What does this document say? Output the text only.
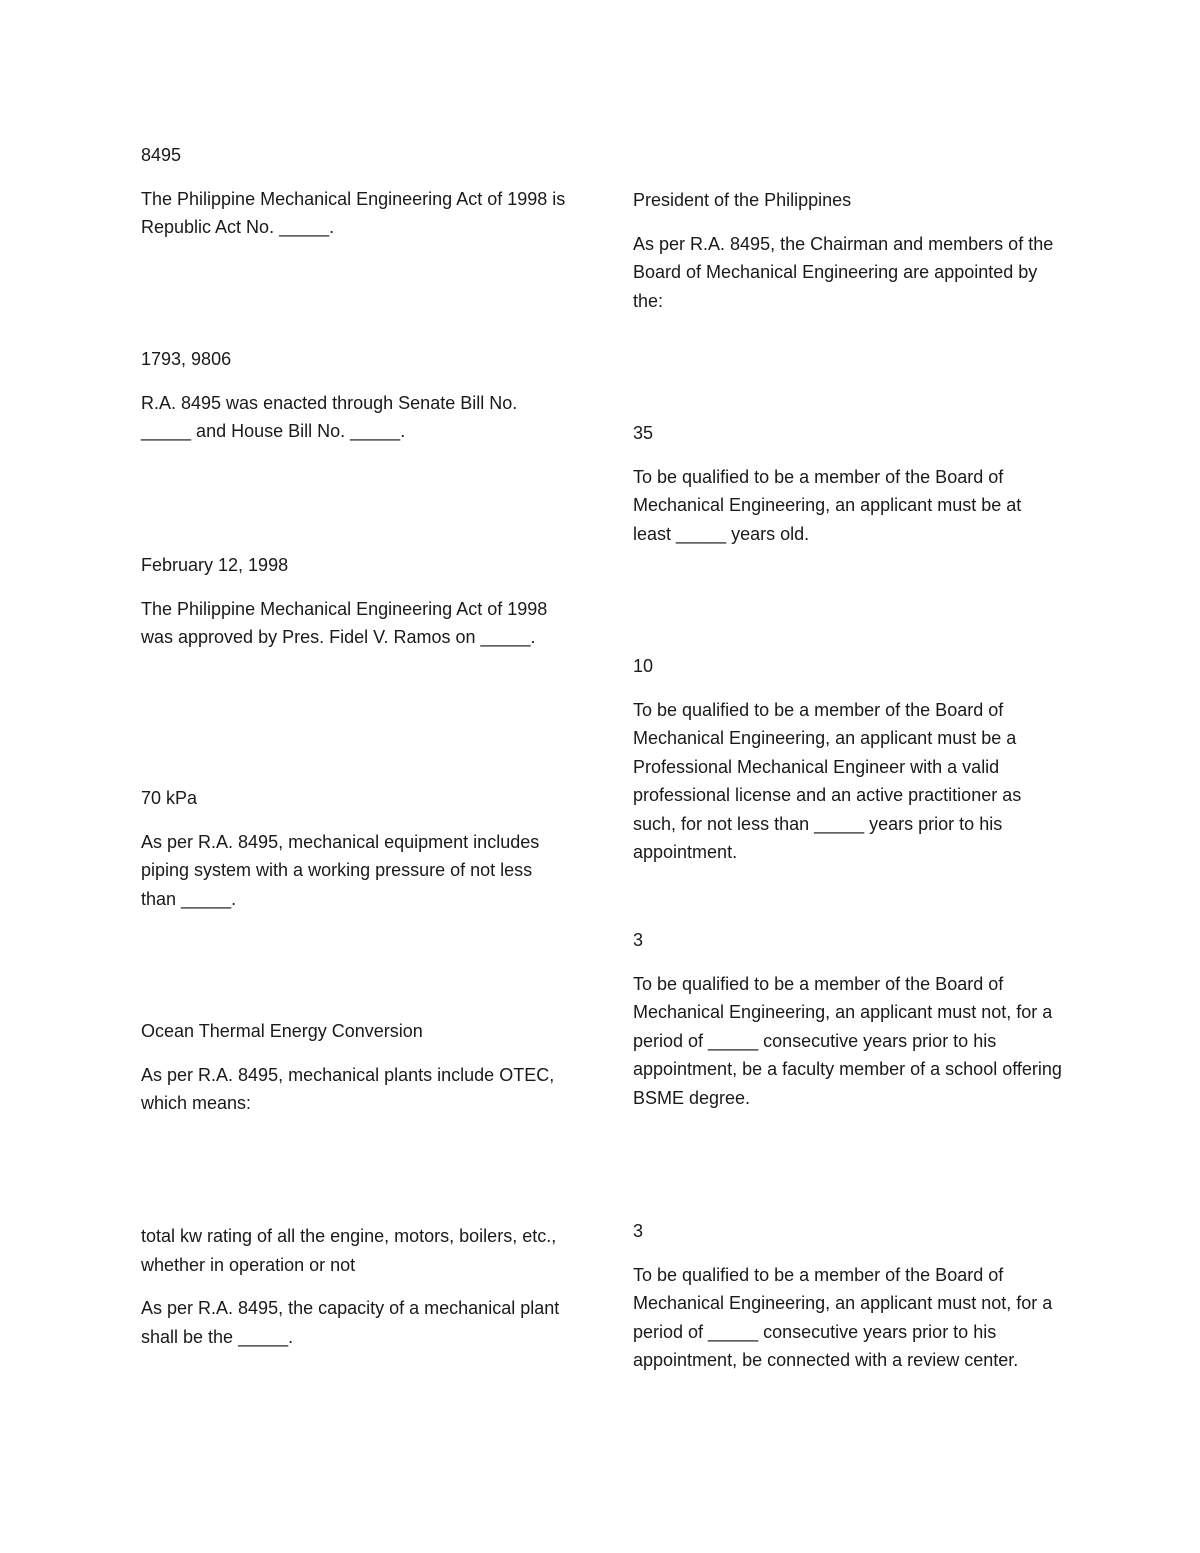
8495

The Philippine Mechanical Engineering Act of 1998 is Republic Act No. _____.

1793, 9806

R.A. 8495 was enacted through Senate Bill No. _____ and House Bill No. _____.

February 12, 1998

The Philippine Mechanical Engineering Act of 1998 was approved by Pres. Fidel V. Ramos on _____.

70 kPa

As per R.A. 8495, mechanical equipment includes piping system with a working pressure of not less than _____.

Ocean Thermal Energy Conversion

As per R.A. 8495, mechanical plants include OTEC, which means:

total kw rating of all the engine, motors, boilers, etc., whether in operation or not

As per R.A. 8495, the capacity of a mechanical plant shall be the _____.

President of the Philippines

As per R.A. 8495, the Chairman and members of the Board of Mechanical Engineering are appointed by the:

35

To be qualified to be a member of the Board of Mechanical Engineering, an applicant must be at least _____ years old.

10

To be qualified to be a member of the Board of Mechanical Engineering, an applicant must be a Professional Mechanical Engineer with a valid professional license and an active practitioner as such, for not less than _____ years prior to his appointment.

3

To be qualified to be a member of the Board of Mechanical Engineering, an applicant must not, for a period of _____ consecutive years prior to his appointment, be a faculty member of a school offering BSME degree.

3

To be qualified to be a member of the Board of Mechanical Engineering, an applicant must not, for a period of _____ consecutive years prior to his appointment, be connected with a review center.
